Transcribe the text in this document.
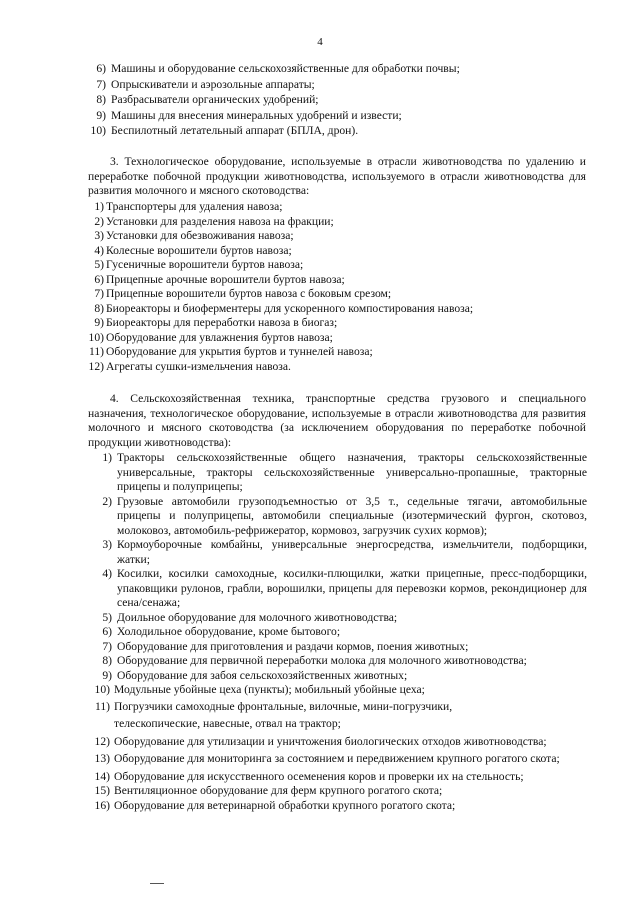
4
6) Машины и оборудование сельскохозяйственные для обработки почвы;
7) Опрыскиватели и аэрозольные аппараты;
8) Разбрасыватели органических удобрений;
9) Машины для внесения минеральных удобрений и извести;
10) Беспилотный летательный аппарат (БПЛА, дрон).
3. Технологическое оборудование, используемые в отрасли животноводства по удалению и переработке побочной продукции животноводства, используемого в отрасли животноводства для развития молочного и мясного скотоводства:
1) Транспортеры для удаления навоза;
2) Установки для разделения навоза на фракции;
3) Установки для обезвоживания навоза;
4) Колесные ворошители буртов навоза;
5) Гусеничные ворошители буртов навоза;
6) Прицепные арочные ворошители буртов навоза;
7) Прицепные ворошители буртов навоза с боковым срезом;
8) Биореакторы и биоферментеры для ускоренного компостирования навоза;
9) Биореакторы для переработки навоза в биогаз;
10) Оборудование для увлажнения буртов навоза;
11) Оборудование для укрытия буртов и туннелей навоза;
12) Агрегаты сушки-измельчения навоза.
4. Сельскохозяйственная техника, транспортные средства грузового и специального назначения, технологическое оборудование, используемые в отрасли животноводства для развития молочного и мясного скотоводства (за исключением оборудования по переработке побочной продукции животноводства):
1) Тракторы сельскохозяйственные общего назначения, тракторы сельскохозяйственные универсальные, тракторы сельскохозяйственные универсально-пропашные, тракторные прицепы и полуприцепы;
2) Грузовые автомобили грузоподъемностью от 3,5 т., седельные тягачи, автомобильные прицепы и полуприцепы, автомобили специальные (изотермический фургон, скотовоз, молоковоз, автомобиль-рефрижератор, кормовоз, загрузчик сухих кормов);
3) Кормоуборочные комбайны, универсальные энергосредства, измельчители, подборщики, жатки;
4) Косилки, косилки самоходные, косилки-плющилки, жатки прицепные, пресс-подборщики, упаковщики рулонов, грабли, ворошилки, прицепы для перевозки кормов, рекондиционер для сена/сенажа;
5) Доильное оборудование для молочного животноводства;
6) Холодильное оборудование, кроме бытового;
7) Оборудование для приготовления и раздачи кормов, поения животных;
8) Оборудование для первичной переработки молока для молочного животноводства;
9) Оборудование для забоя сельскохозяйственных животных;
10) Модульные убойные цеха (пункты); мобильный убойные цеха;
11) Погрузчики самоходные фронтальные, вилочные, мини-погрузчики, телескопические, навесные, отвал на трактор;
12) Оборудование для утилизации и уничтожения биологических отходов животноводства;
13) Оборудование для мониторинга за состоянием и передвижением крупного рогатого скота;
14) Оборудование для искусственного осеменения коров и проверки их на стельность;
15) Вентиляционное оборудование для ферм крупного рогатого скота;
16) Оборудование для ветеринарной обработки крупного рогатого скота;
